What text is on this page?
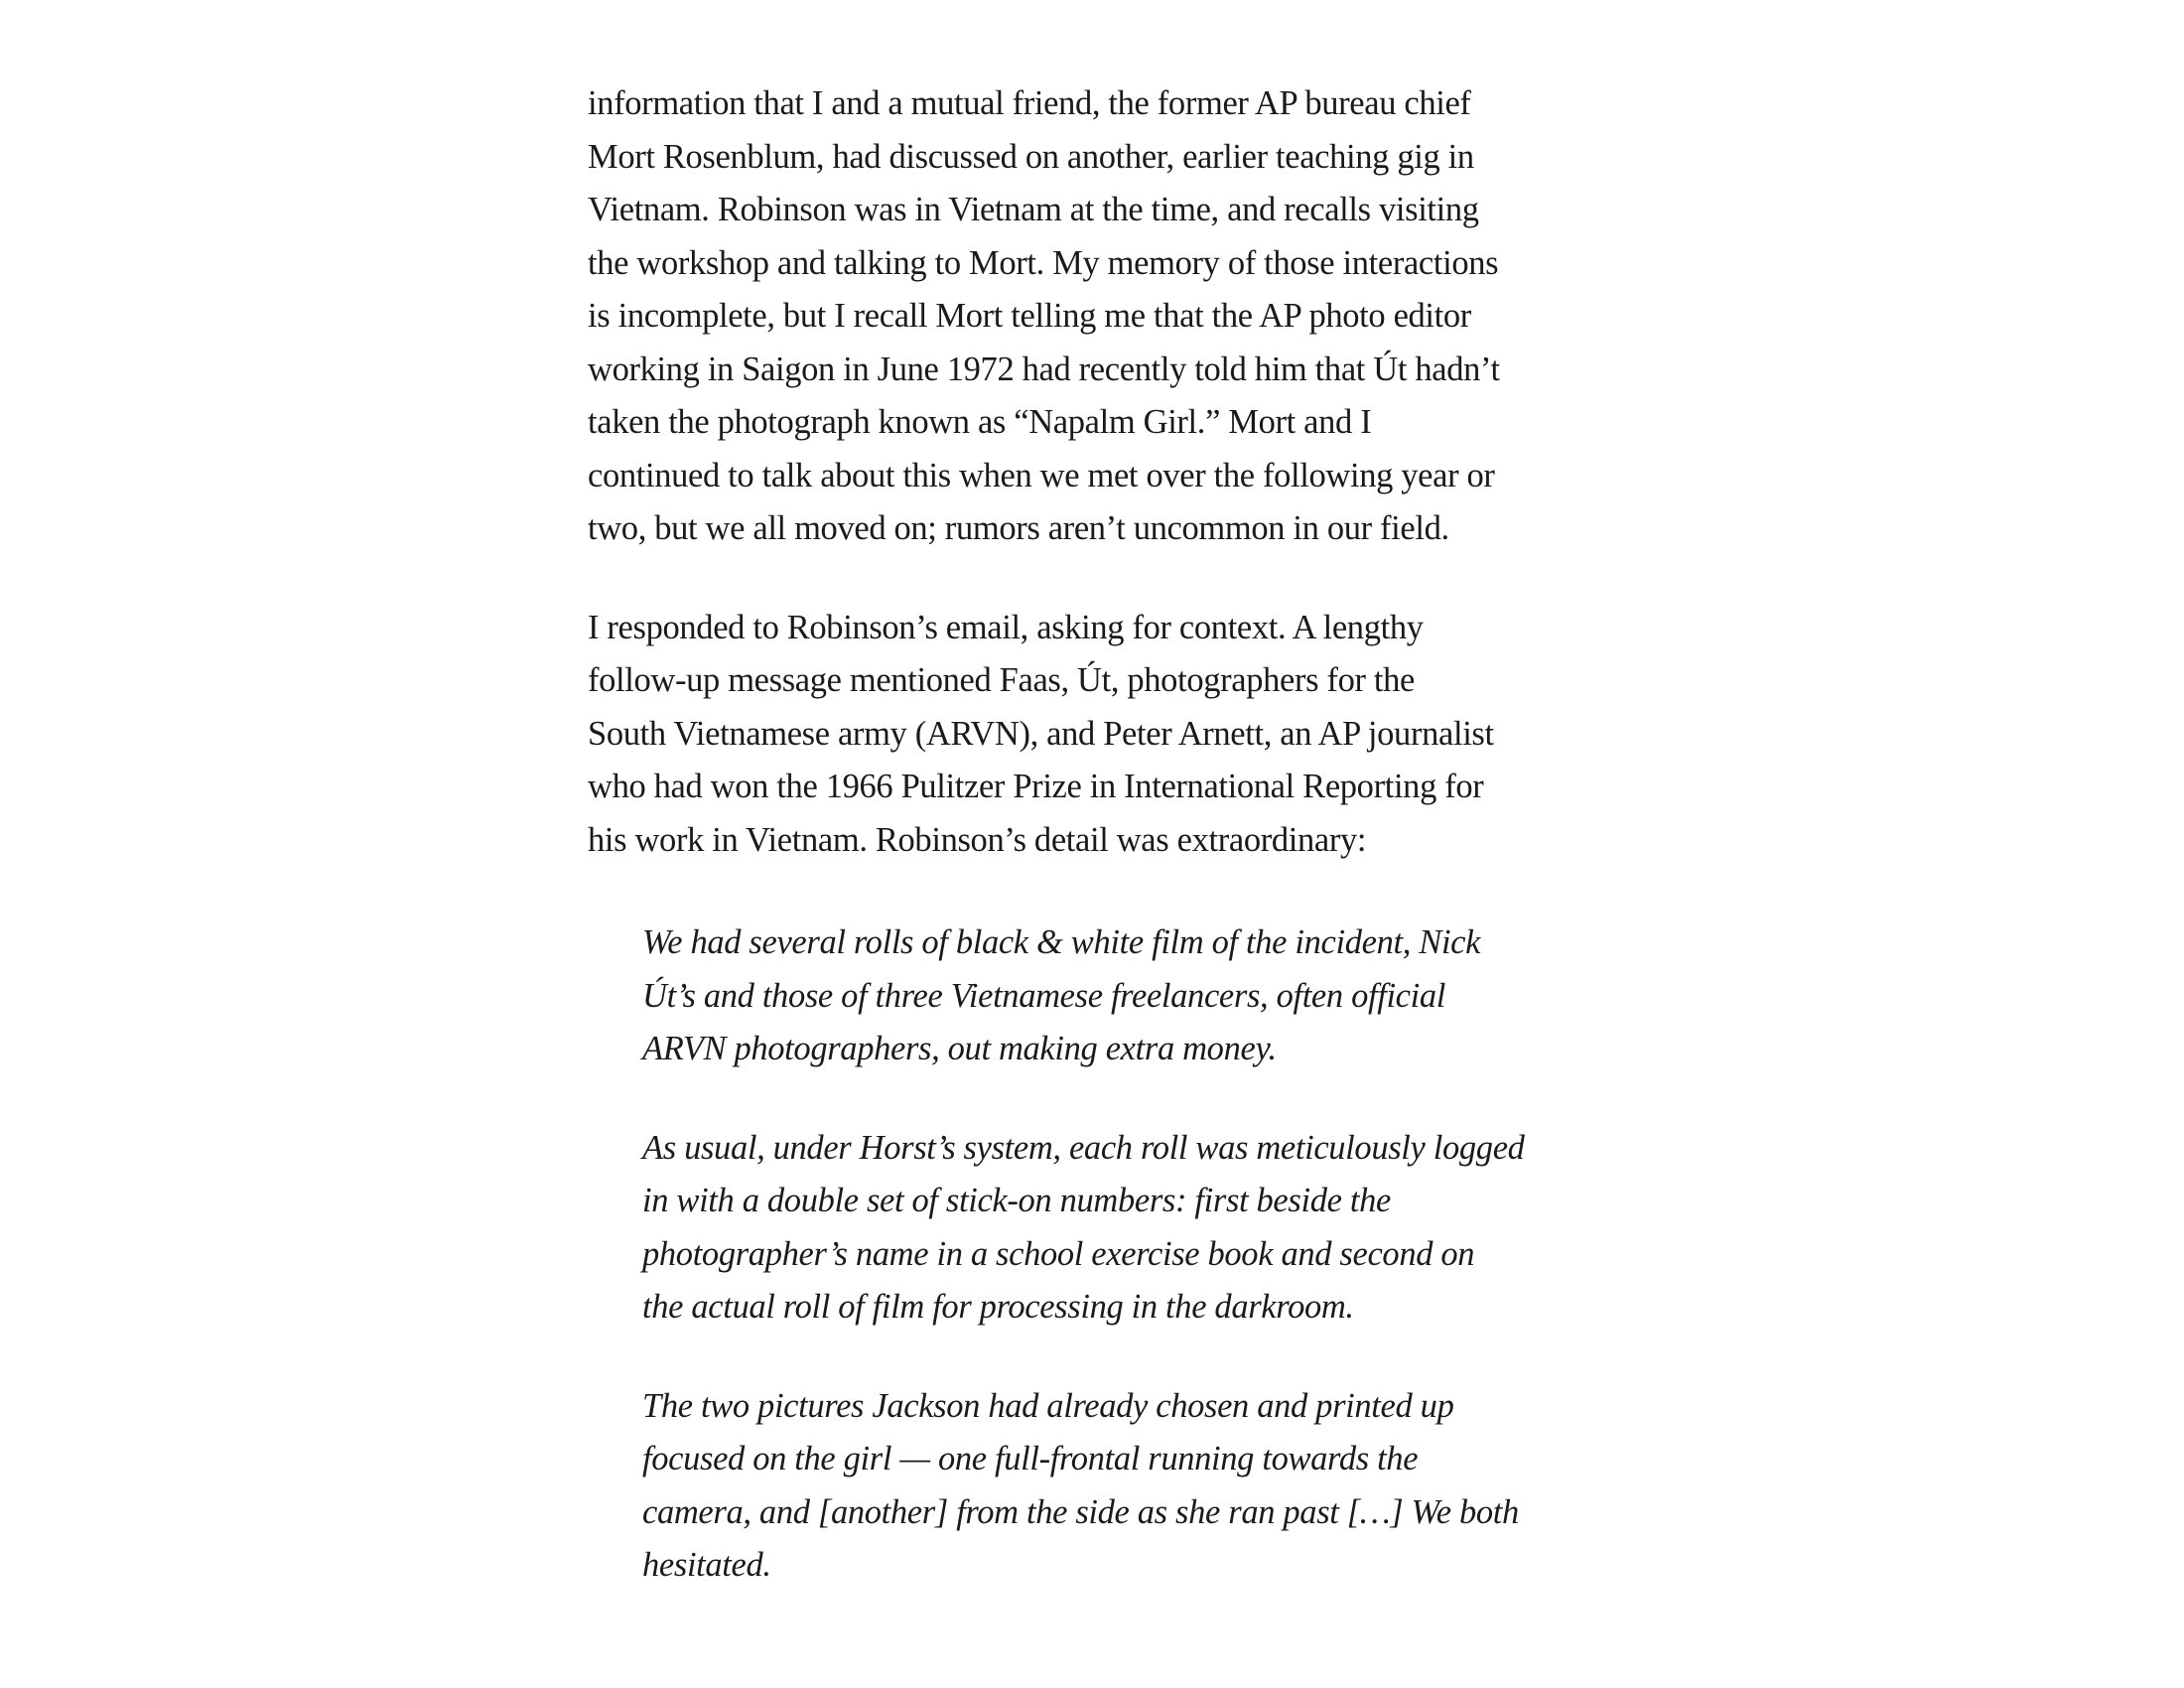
information that I and a mutual friend, the former AP bureau chief
Mort Rosenblum, had discussed on another, earlier teaching gig in
Vietnam. Robinson was in Vietnam at the time, and recalls visiting
the workshop and talking to Mort. My memory of those interactions
is incomplete, but I recall Mort telling me that the AP photo editor
working in Saigon in June 1972 had recently told him that Út hadn’t
taken the photograph known as “Napalm Girl.” Mort and I
continued to talk about this when we met over the following year or
two, but we all moved on; rumors aren’t uncommon in our field.

I responded to Robinson’s email, asking for context. A lengthy
follow-up message mentioned Faas, Út, photographers for the
South Vietnamese army (ARVN), and Peter Arnett, an AP journalist
who had won the 1966 Pulitzer Prize in International Reporting for
his work in Vietnam. Robinson’s detail was extraordinary:

We had several rolls of black & white film of the incident, Nick
Út’s and those of three Vietnamese freelancers, often official
ARVN photographers, out making extra money.

As usual, under Horst’s system, each roll was meticulously logged
in with a double set of stick-on numbers: first beside the
photographer’s name in a school exercise book and second on
the actual roll of film for processing in the darkroom.

The two pictures Jackson had already chosen and printed up
focused on the girl — one full-frontal running towards the
camera, and [another] from the side as she ran past […] We both
hesitated.
